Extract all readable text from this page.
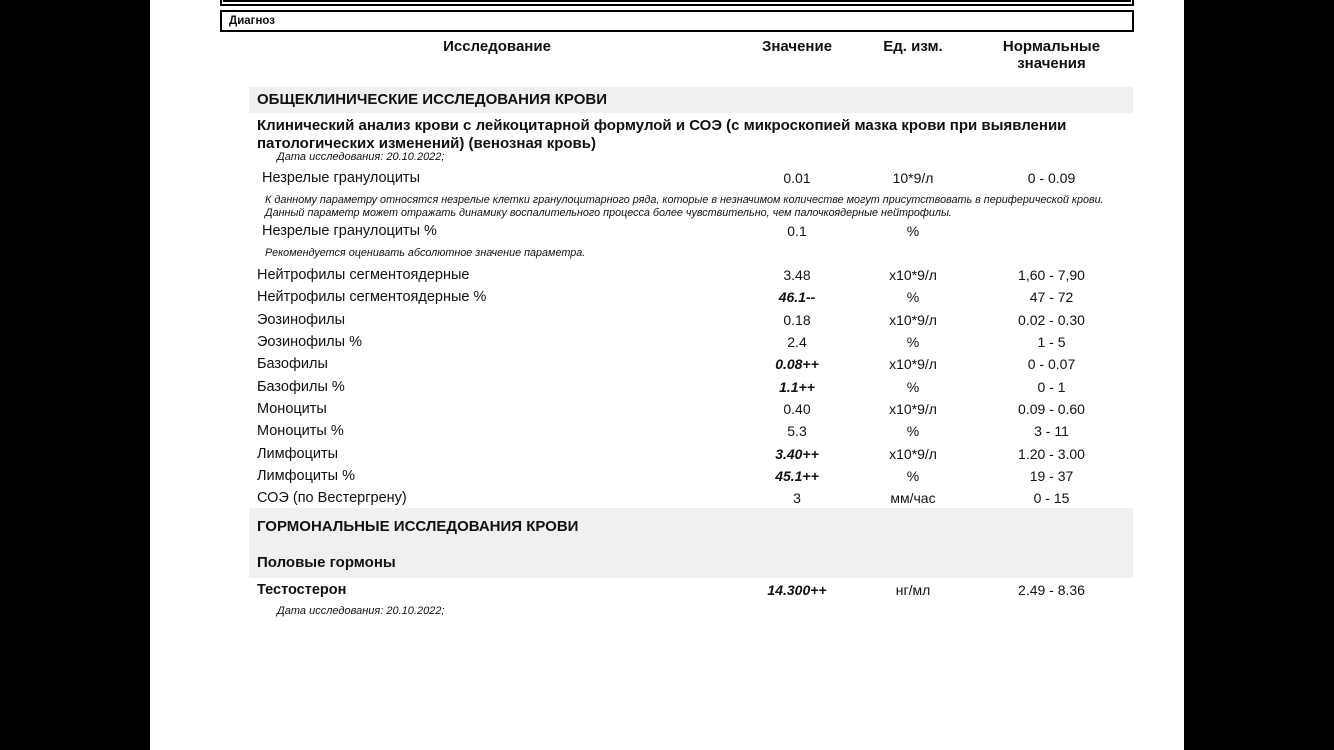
Диагноз
Исследование	Значение	Ед. изм.	Нормальные значения
ОБЩЕКЛИНИЧЕСКИЕ ИССЛЕДОВАНИЯ КРОВИ
Клинический анализ крови с лейкоцитарной формулой и СОЭ (с микроскопией мазка крови при выявлении патологических изменений) (венозная кровь)
Дата исследования: 20.10.2022;
Незрелые гранулоциты	0.01	10*9/л	0 - 0.09
К данному параметру относятся незрелые клетки гранулоцитарного ряда, которые в незначимом количестве могут присутствовать в периферической крови. Данный параметр может отражать динамику воспалительного процесса более чувствительно, чем палочкоядерные нейтрофилы.
Незрелые гранулоциты %	0.1	%
Рекомендуется оценивать абсолютное значение параметра.
Нейтрофилы сегментоядерные	3.48	х10*9/л	1,60 - 7,90
Нейтрофилы сегментоядерные %	46.1--	%	47 - 72
Эозинофилы	0.18	х10*9/л	0.02 - 0.30
Эозинофилы %	2.4	%	1 - 5
Базофилы	0.08++	х10*9/л	0 - 0.07
Базофилы %	1.1++	%	0 - 1
Моноциты	0.40	х10*9/л	0.09 - 0.60
Моноциты %	5.3	%	3 - 11
Лимфоциты	3.40++	х10*9/л	1.20 - 3.00
Лимфоциты %	45.1++	%	19 - 37
СОЭ (по Вестергрену)	3	мм/час	0 - 15
ГОРМОНАЛЬНЫЕ ИССЛЕДОВАНИЯ КРОВИ
Половые гормоны
Тестостерон	14.300++	нг/мл	2.49 - 8.36
Дата исследования: 20.10.2022;
